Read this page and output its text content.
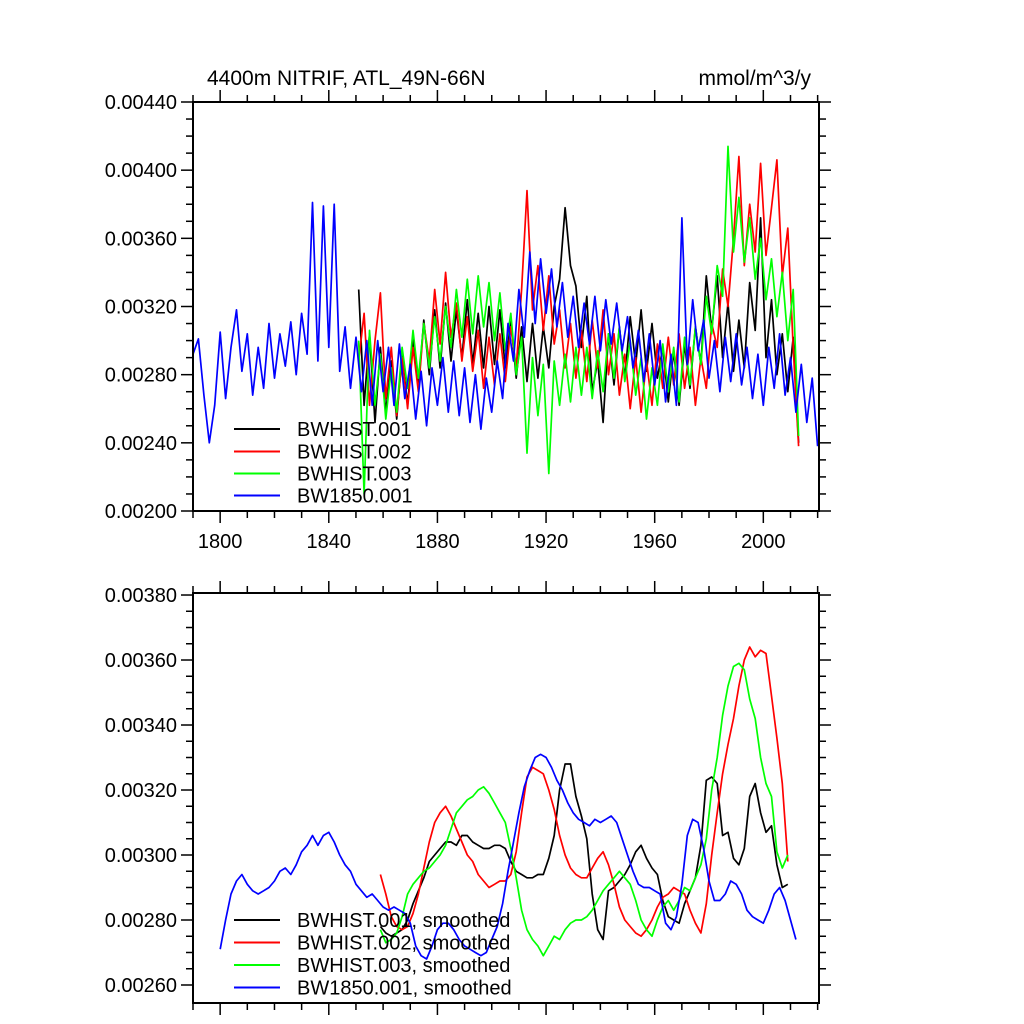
4400m NITRIF, ATL_49N-66N	mmol/m^3/y
1800	1840	1880	1920	1960	2000
0.00200
0.00240
0.00280
0.00320
0.00360
0.00400
0.00440
BWHIST.001
BWHIST.002
BWHIST.003
BW1850.001
0.00260
0.00280
0.00300
0.00320
0.00340
0.00360
0.00380
BWHIST.001, smoothed
BWHIST.002, smoothed
BWHIST.003, smoothed
BW1850.001, smoothed
